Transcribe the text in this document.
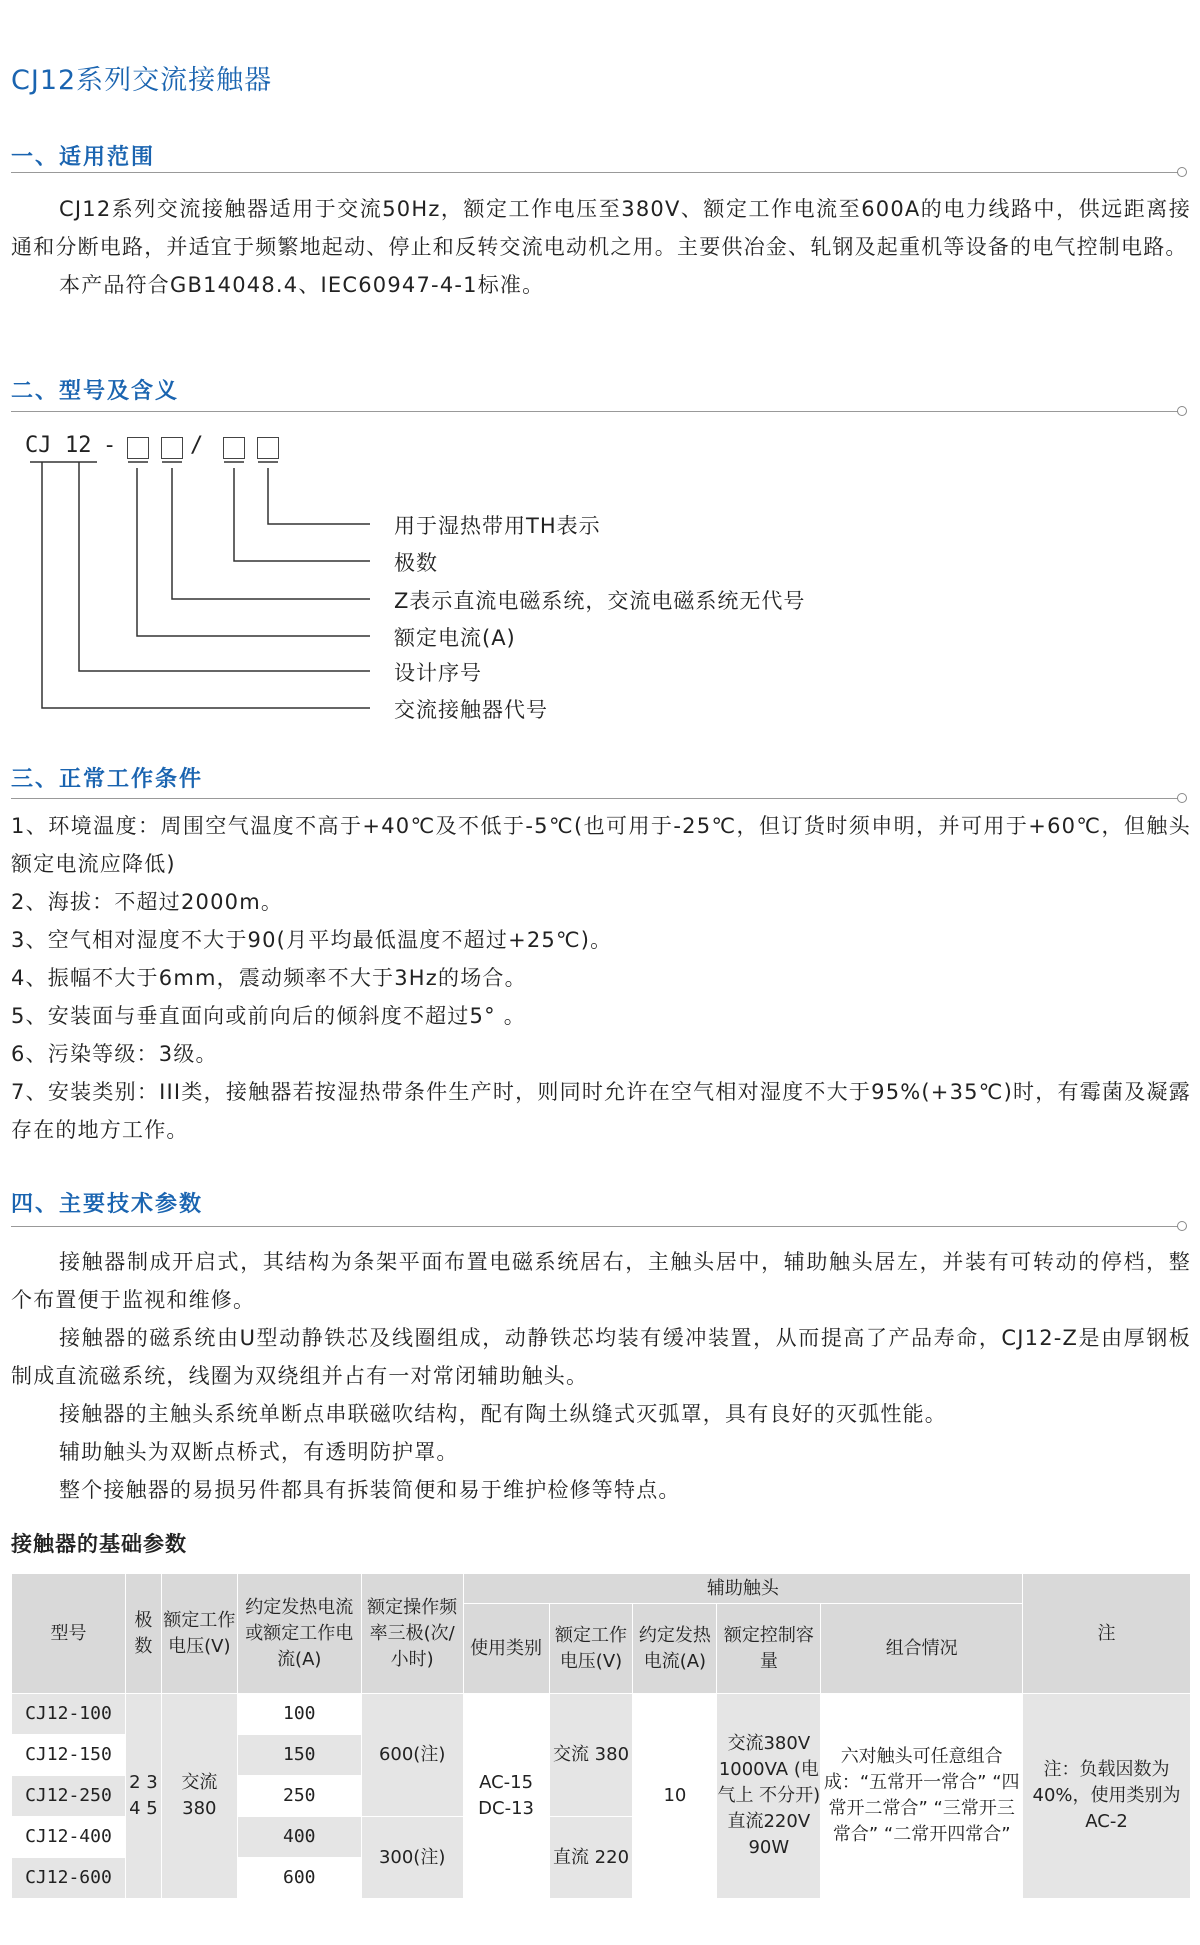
CJ12系列交流接触器
一、适用范围

CJ12系列交流接触器适用于交流50Hz，额定工作电压至380V、额定工作电流至600A的电力线路中，供远距离接通和分断电路，并适宜于频繁地起动、停止和反转交流电动机之用。主要供冶金、轧钢及起重机等设备的电气控制电路。

本产品符合GB14048.4、IEC60947-4-1标准。

二、型号及含义
CJ 12 -	/
用于湿热带用TH表示
极数
Z表示直流电磁系统，交流电磁系统无代号
额定电流(A)
设计序号
交流接触器代号
三、正常工作条件

1、环境温度：周围空气温度不高于+40℃及不低于-5℃(也可用于-25℃，但订货时须申明，并可用于+60℃，但触头额定电流应降低)

2、海拔：不超过2000m。

3、空气相对湿度不大于90(月平均最低温度不超过+25℃)。

4、振幅不大于6mm，震动频率不大于3Hz的场合。

5、安装面与垂直面向或前向后的倾斜度不超过5° 。

6、污染等级：3级。

7、安装类别：III类，接触器若按湿热带条件生产时，则同时允许在空气相对湿度不大于95%(+35℃)时，有霉菌及凝露存在的地方工作。

四、主要技术参数

接触器制成开启式，其结构为条架平面布置电磁系统居右，主触头居中，辅助触头居左，并装有可转动的停档，整个布置便于监视和维修。

接触器的磁系统由U型动静铁芯及线圈组成，动静铁芯均装有缓冲装置，从而提高了产品寿命，CJ12-Z是由厚钢板制成直流磁系统，线圈为双绕组并占有一对常闭辅助触头。

接触器的主触头系统单断点串联磁吹结构，配有陶土纵缝式灭弧罩，具有良好的灭弧性能。

辅助触头为双断点桥式，有透明防护罩。

整个接触器的易损另件都具有拆装简便和易于维护检修等特点。

接触器的基础参数
型号	极数	额定工作电压(V)	约定发热电流或额定工作电流(A)	额定操作频率三极(次/小时)	辅助触头					注
					使用类别	额定工作电压(V)	约定发热电流(A)	额定控制容量	组合情况	
CJ12-100	2 3 4 5	交流 380	100	600(注)	AC-15 DC-13	交流 380	10	交流380V 1000VA (电气上 不分开) 直流220V 90W	六对触头可任意组合成：“五常开一常合” “四常开二常合” “三常开三常合” “二常开四常合”	注：负载因数为40%，使用类别为AC-2
CJ12-150			150							
CJ12-250			250							
CJ12-400			400	300(注)		直流 220				
CJ12-600			600							
